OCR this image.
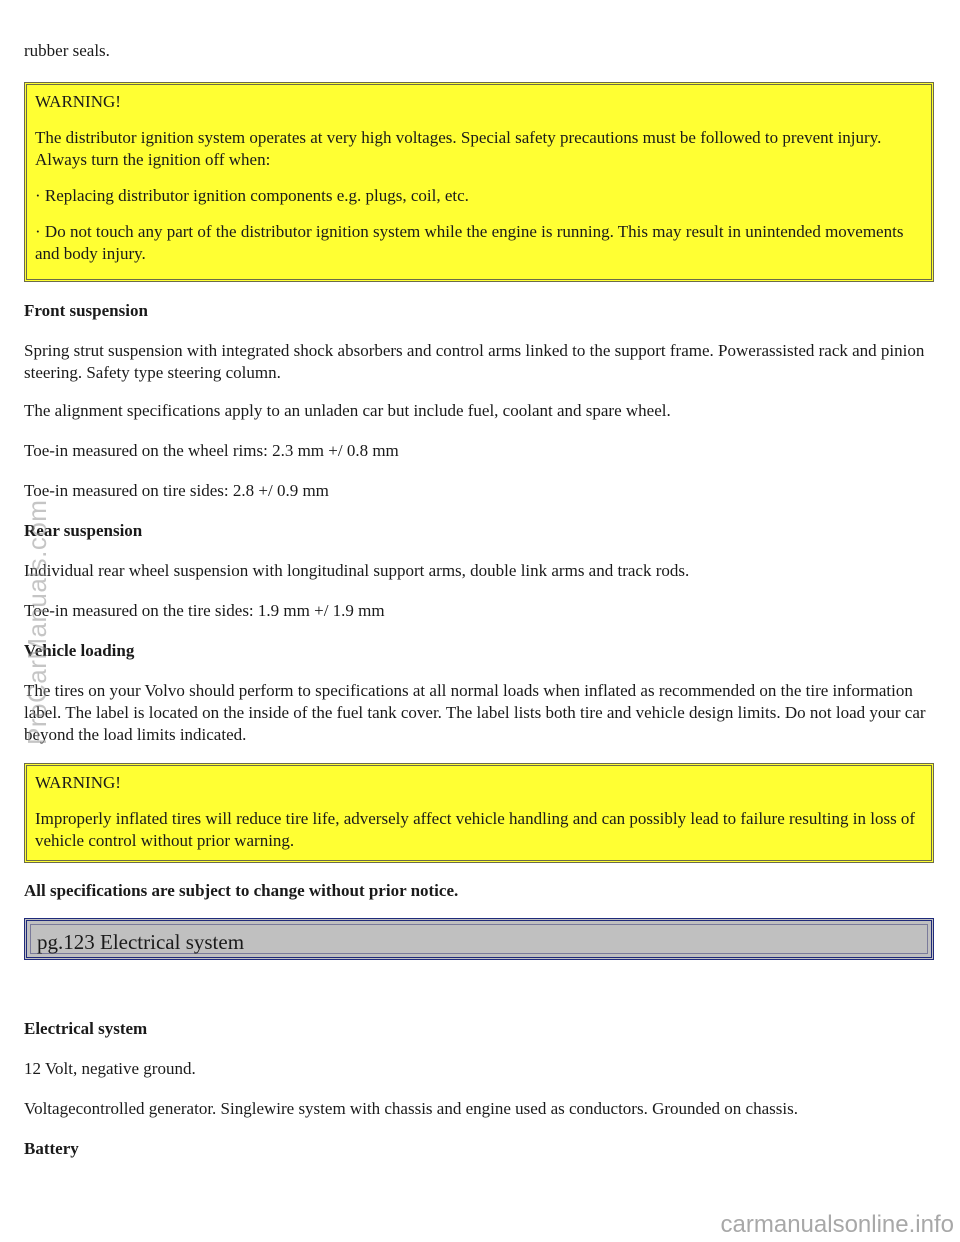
rubber seals.

WARNING!

The distributor ignition system operates at very high voltages. Special safety precautions must be followed to prevent injury. Always turn the ignition off when:

· Replacing distributor ignition components e.g. plugs, coil, etc.

· Do not touch any part of the distributor ignition system while the engine is running. This may result in unintended movements and body injury.

Front suspension

Spring strut suspension with integrated shock absorbers and control arms linked to the support frame. Powerassisted rack and pinion steering. Safety type steering column.

The alignment specifications apply to an unladen car but include fuel, coolant and spare wheel.

Toe-in measured on the wheel rims: 2.3 mm +/ 0.8 mm

Toe-in measured on tire sides: 2.8 +/ 0.9 mm

Rear suspension

Individual rear wheel suspension with longitudinal support arms, double link arms and track rods.

Toe-in measured on the tire sides: 1.9 mm +/ 1.9 mm

Vehicle loading

The tires on your Volvo should perform to specifications at all normal loads when inflated as recommended on the tire information label. The label is located on the inside of the fuel tank cover. The label lists both tire and vehicle design limits. Do not load your car beyond the load limits indicated.

WARNING!

Improperly inflated tires will reduce tire life, adversely affect vehicle handling and can possibly lead to failure resulting in loss of vehicle control without prior warning.

All specifications are subject to change without prior notice.

pg.123 Electrical system

Electrical system

12 Volt, negative ground.

Voltagecontrolled generator. Singlewire system with chassis and engine used as conductors. Grounded on chassis.

Battery

ProCarManuals.com
carmanualsonline.info
